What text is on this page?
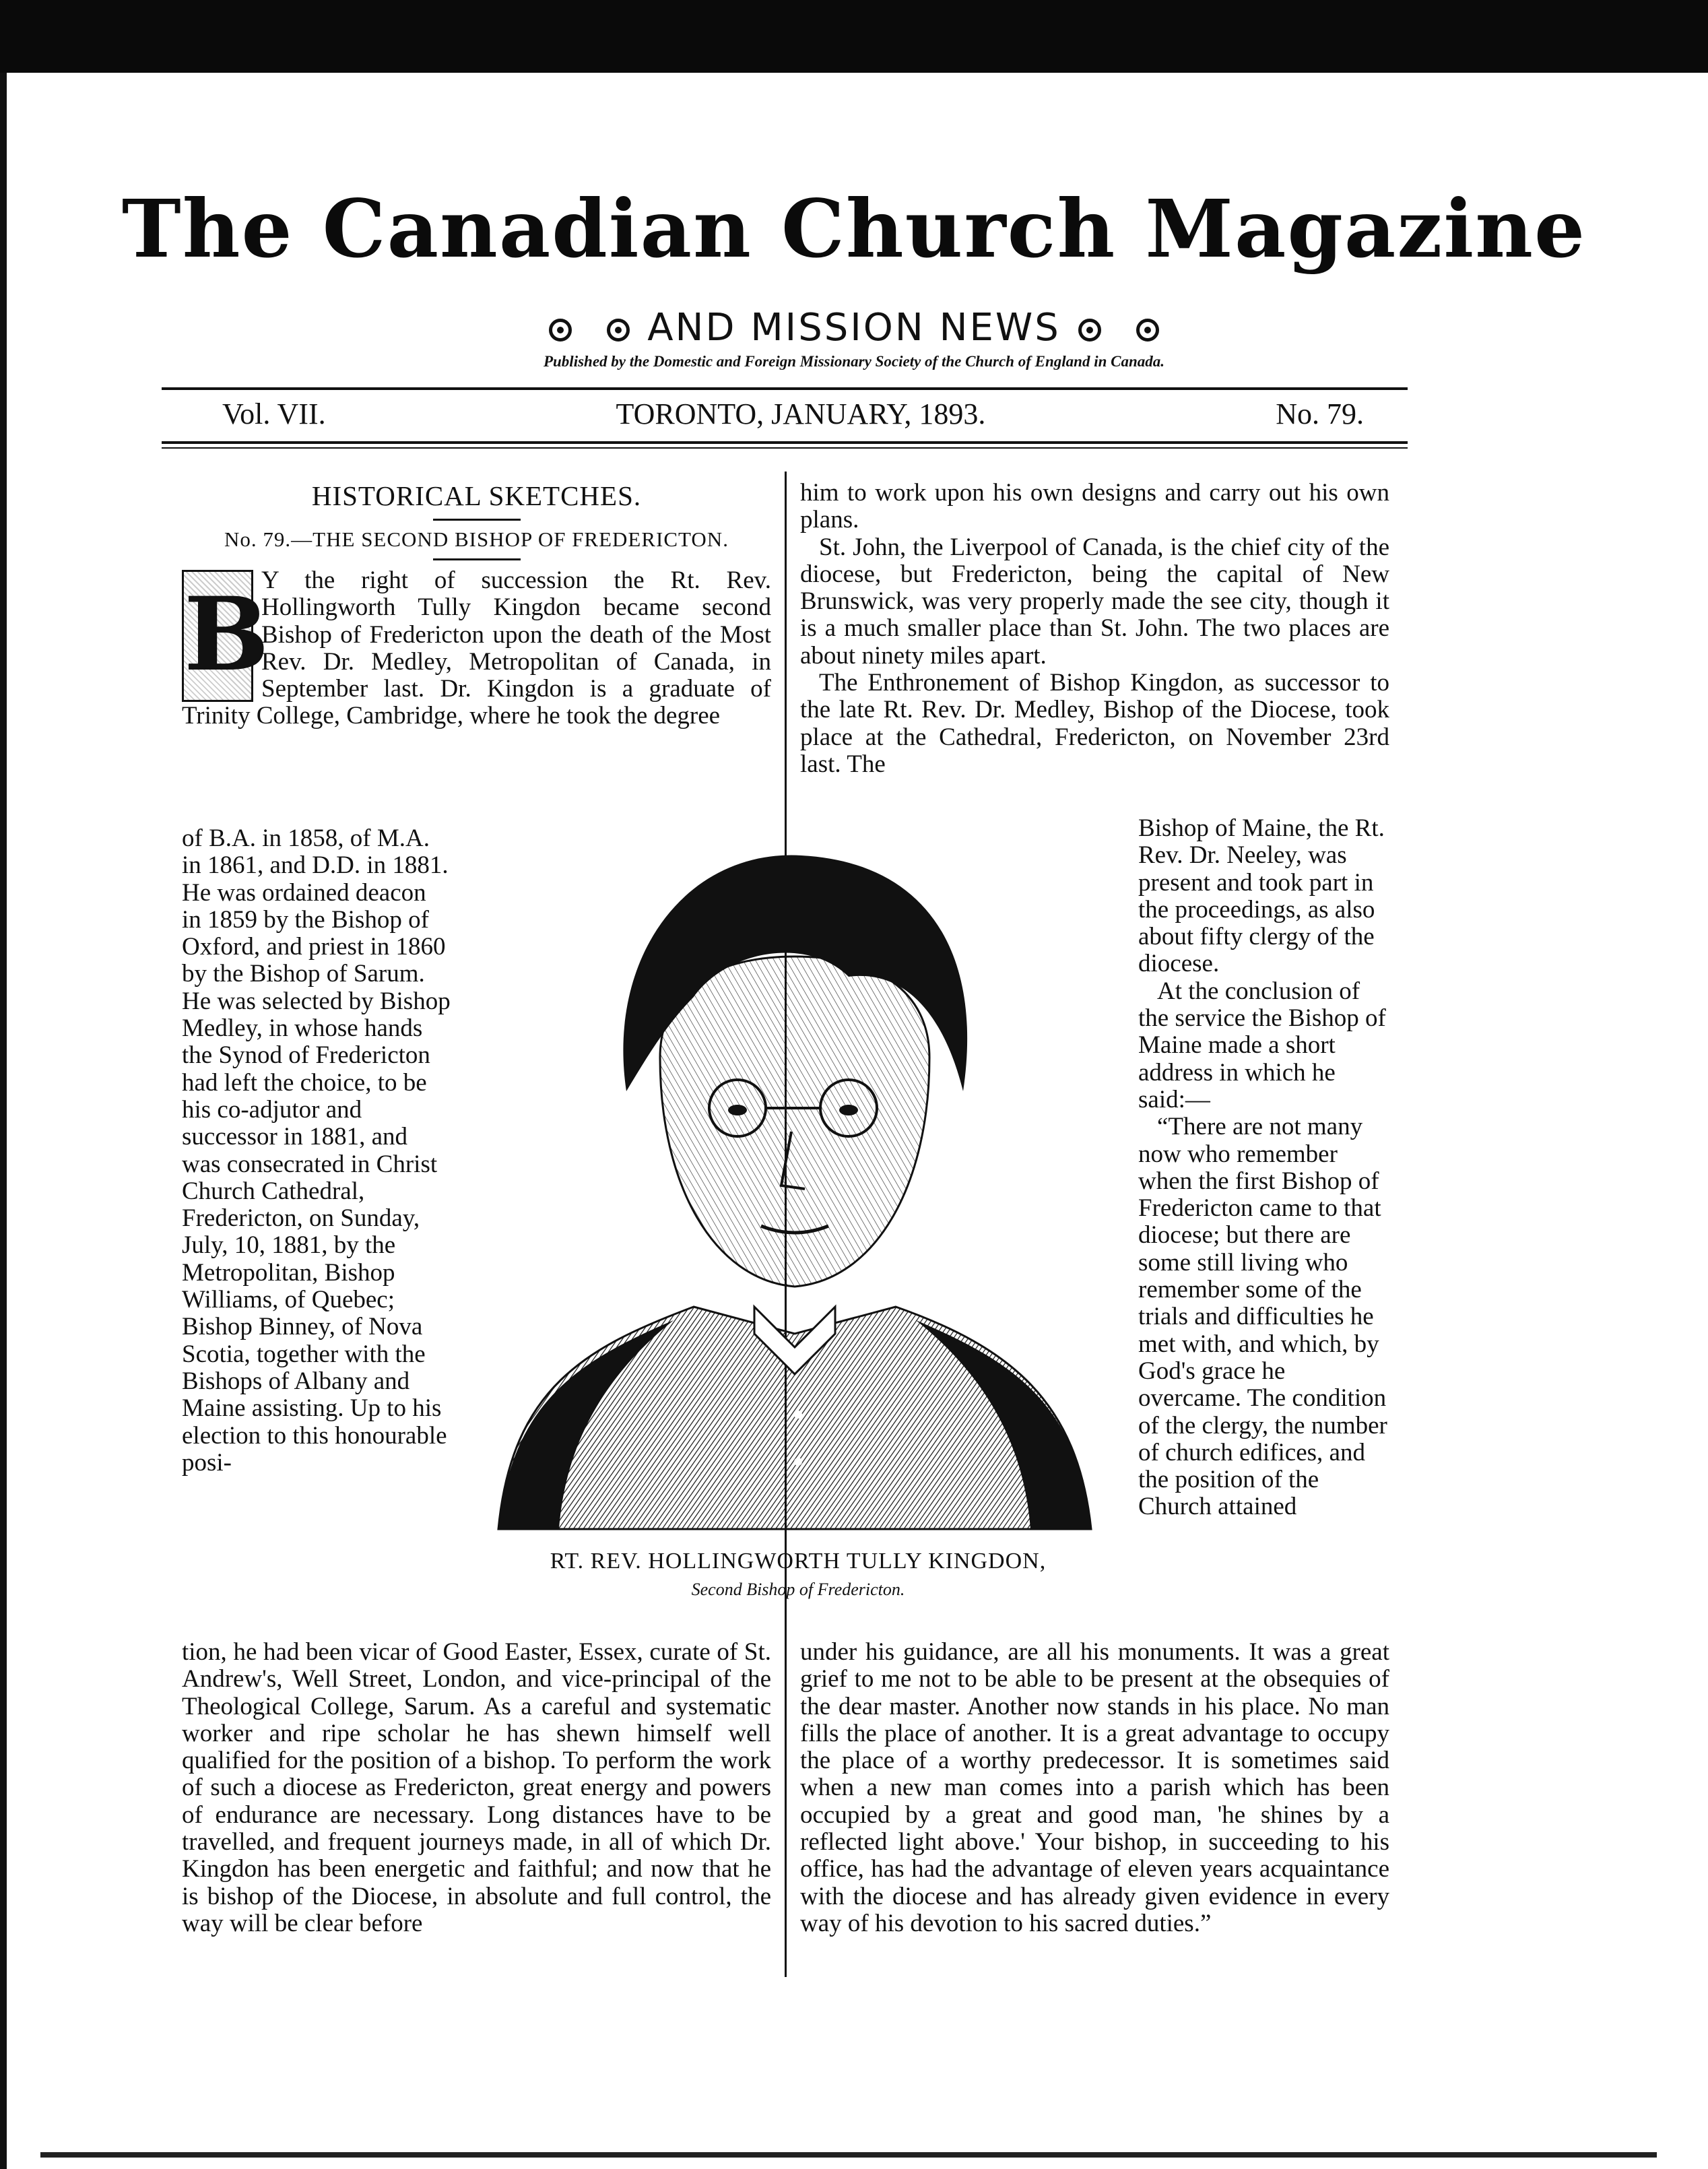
The Canadian Church Magazine
AND MISSION NEWS
Published by the Domestic and Foreign Missionary Society of the Church of England in Canada.
Vol. VII.	TORONTO, JANUARY, 1893.	No. 79.
HISTORICAL SKETCHES.
No. 79.—THE SECOND BISHOP OF FREDERICTON.

B
Y the right of succession the Rt. Rev. Hollingworth Tully Kingdon became second Bishop of Fredericton upon the death of the Most Rev. Dr. Medley, Metropolitan of Canada, in September last. Dr. Kingdon is a graduate of Trinity College, Cambridge, where he took the degree

of B.A. in 1858, of M.A. in 1861, and D.D. in 1881. He was ordained deacon in 1859 by the Bishop of Oxford, and priest in 1860 by the Bishop of Sarum. He was selected by Bishop Medley, in whose hands the Synod of Fredericton had left the choice, to be his co-adjutor and successor in 1881, and was consecrated in Christ Church Cathedral, Fredericton, on Sunday, July, 10, 1881, by the Metropolitan, Bishop Williams, of Quebec; Bishop Binney, of Nova Scotia, together with the Bishops of Albany and Maine assisting. Up to his election to this honourable posi-

tion, he had been vicar of Good Easter, Essex, curate of St. Andrew's, Well Street, London, and vice-principal of the Theological College, Sarum. As a careful and systematic worker and ripe scholar he has shewn himself well qualified for the position of a bishop. To perform the work of such a diocese as Fredericton, great energy and powers of endurance are necessary. Long distances have to be travelled, and frequent journeys made, in all of which Dr. Kingdon has been energetic and faithful; and now that he is bishop of the Diocese, in absolute and full control, the way will be clear before

him to work upon his own designs and carry out his own plans.

St. John, the Liverpool of Canada, is the chief city of the diocese, but Fredericton, being the capital of New Brunswick, was very properly made the see city, though it is a much smaller place than St. John. The two places are about ninety miles apart.

The Enthronement of Bishop Kingdon, as successor to the late Rt. Rev. Dr. Medley, Bishop of the Diocese, took place at the Cathedral, Fredericton, on November 23rd last. The

Bishop of Maine, the Rt. Rev. Dr. Neeley, was present and took part in the proceedings, as also about fifty clergy of the diocese.

At the conclusion of the service the Bishop of Maine made a short address in which he said:—

“There are not many now who remember when the first Bishop of Fredericton came to that diocese; but there are some still living who remember some of the trials and difficulties he met with, and which, by God's grace he overcame. The condition of the clergy, the number of church edifices, and the position of the Church attained

under his guidance, are all his monuments. It was a great grief to me not to be able to be present at the obsequies of the dear master. Another now stands in his place. No man fills the place of another. It is a great advantage to occupy the place of a worthy predecessor. It is sometimes said when a new man comes into a parish which has been occupied by a great and good man, 'he shines by a reflected light above.' Your bishop, in succeeding to his office, has had the advantage of eleven years acquaintance with the diocese and has already given evidence in every way of his devotion to his sacred duties.”

RT. REV. HOLLINGWORTH TULLY KINGDON,
Second Bishop of Fredericton.
